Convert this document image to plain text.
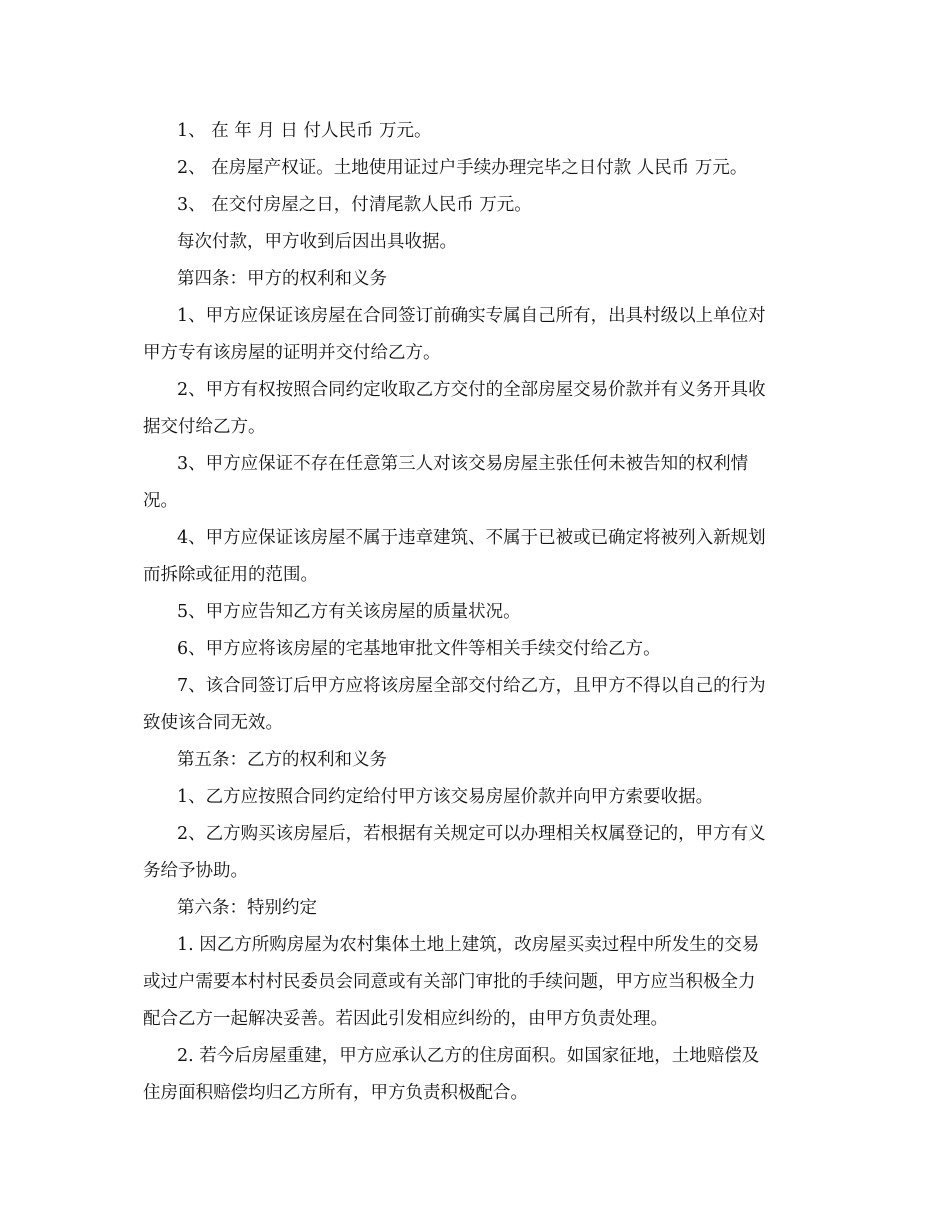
1、 在 年 月 日 付人民币 万元。
2、 在房屋产权证。土地使用证过户手续办理完毕之日付款 人民币 万元。
3、 在交付房屋之日，付清尾款人民币 万元。
每次付款，甲方收到后因出具收据。
第四条：甲方的权利和义务
1、甲方应保证该房屋在合同签订前确实专属自己所有，出具村级以上单位对
甲方专有该房屋的证明并交付给乙方。
2、甲方有权按照合同约定收取乙方交付的全部房屋交易价款并有义务开具收
据交付给乙方。
3、甲方应保证不存在任意第三人对该交易房屋主张任何未被告知的权利情
况。
4、甲方应保证该房屋不属于违章建筑、不属于已被或已确定将被列入新规划
而拆除或征用的范围。
5、甲方应告知乙方有关该房屋的质量状况。
6、甲方应将该房屋的宅基地审批文件等相关手续交付给乙方。
7、该合同签订后甲方应将该房屋全部交付给乙方，且甲方不得以自己的行为
致使该合同无效。
第五条：乙方的权利和义务
1、乙方应按照合同约定给付甲方该交易房屋价款并向甲方索要收据。
2、乙方购买该房屋后，若根据有关规定可以办理相关权属登记的，甲方有义
务给予协助。
第六条：特别约定
1. 因乙方所购房屋为农村集体土地上建筑，改房屋买卖过程中所发生的交易
或过户需要本村村民委员会同意或有关部门审批的手续问题，甲方应当积极全力
配合乙方一起解决妥善。若因此引发相应纠纷的，由甲方负责处理。
2. 若今后房屋重建，甲方应承认乙方的住房面积。如国家征地，土地赔偿及
住房面积赔偿均归乙方所有，甲方负责积极配合。
